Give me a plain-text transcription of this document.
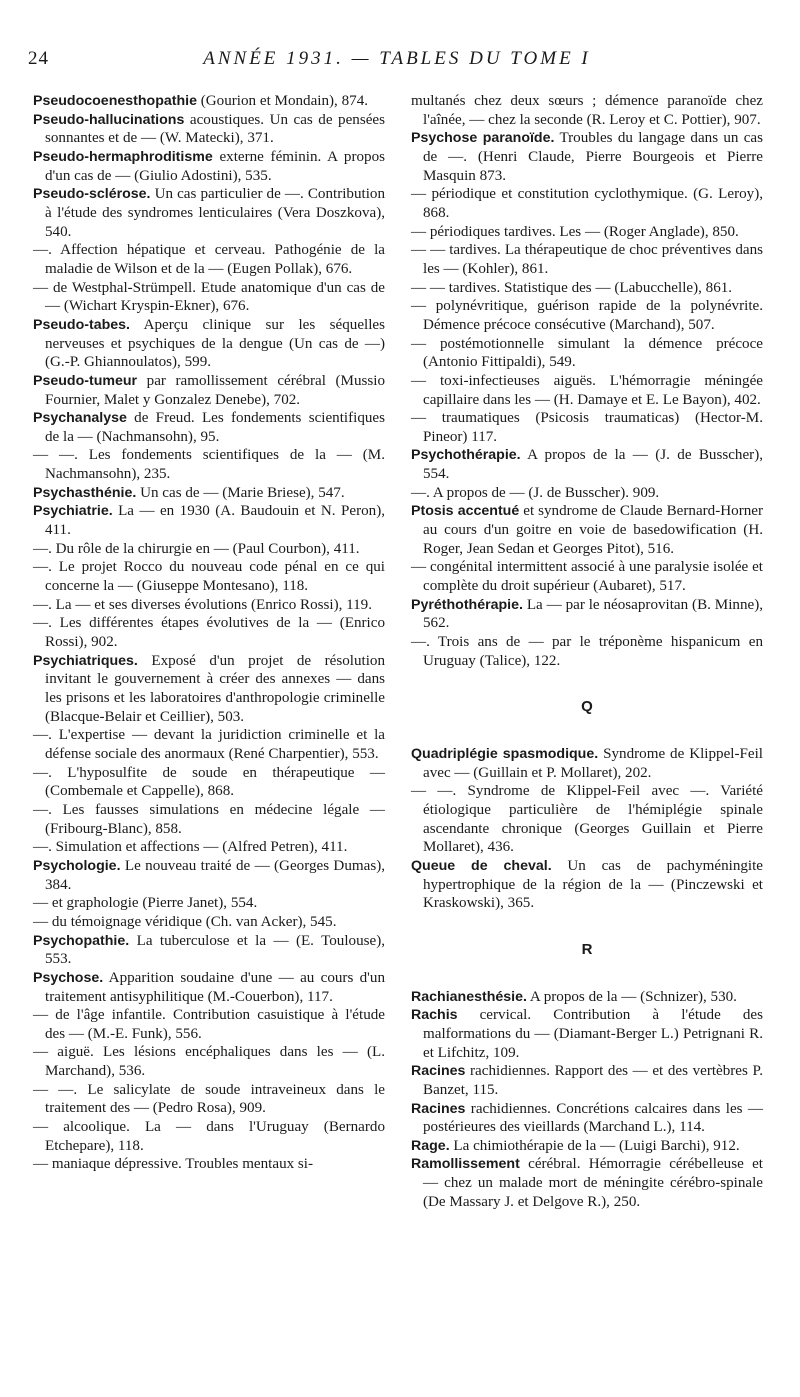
24	ANNÉE 1931. — TABLES DU TOME I
Pseudocoenesthopathie (Gourion et Mondain), 874.
Pseudo-hallucinations acoustiques. Un cas de pensées sonnantes et de — (W. Matecki), 371.
Pseudo-hermaphroditisme externe féminin. A propos d'un cas de — (Giulio Adostini), 535.
Pseudo-sclérose. Un cas particulier de —. Contribution à l'étude des syndromes lenticulaires (Vera Doszkova), 540.
—. Affection hépatique et cerveau. Pathogénie de la maladie de Wilson et de la — (Eugen Pollak), 676.
— de Westphal-Strümpell. Etude anatomique d'un cas de — (Wichart Kryspin-Ekner), 676.
Pseudo-tabes. Aperçu clinique sur les séquelles nerveuses et psychiques de la dengue (Un cas de —) (G.-P. Ghiannoulatos), 599.
Pseudo-tumeur par ramollissement cérébral (Mussio Fournier, Malet y Gonzalez Denebe), 702.
Psychanalyse de Freud. Les fondements scientifiques de la — (Nachmansohn), 95.
— —. Les fondements scientifiques de la — (M. Nachmansohn), 235.
Psychasthénie. Un cas de — (Marie Briese), 547.
Psychiatrie. La — en 1930 (A. Baudouin et N. Peron), 411.
—. Du rôle de la chirurgie en — (Paul Courbon), 411.
—. Le projet Rocco du nouveau code pénal en ce qui concerne la — (Giuseppe Montesano), 118.
—. La — et ses diverses évolutions (Enrico Rossi), 119.
—. Les différentes étapes évolutives de la — (Enrico Rossi), 902.
Psychiatriques. Exposé d'un projet de résolution invitant le gouvernement à créer des annexes — dans les prisons et les laboratoires d'anthropologie criminelle (Blacque-Belair et Ceillier), 503.
—. L'expertise — devant la juridiction criminelle et la défense sociale des anormaux (René Charpentier), 553.
—. L'hyposulfite de soude en thérapeutique — (Combemale et Cappelle), 868.
—. Les fausses simulations en médecine légale — (Fribourg-Blanc), 858.
—. Simulation et affections — (Alfred Petren), 411.
Psychologie. Le nouveau traité de — (Georges Dumas), 384.
— et graphologie (Pierre Janet), 554.
— du témoignage véridique (Ch. van Acker), 545.
Psychopathie. La tuberculose et la — (E. Toulouse), 553.
Psychose. Apparition soudaine d'une — au cours d'un traitement antisyphilitique (M.-Couerbon), 117.
— de l'âge infantile. Contribution casuistique à l'étude des — (M.-E. Funk), 556.
— aiguë. Les lésions encéphaliques dans les — (L. Marchand), 536.
— —. Le salicylate de soude intraveineux dans le traitement des — (Pedro Rosa), 909.
— alcoolique. La — dans l'Uruguay (Bernardo Etchepare), 118.
— maniaque dépressive. Troubles mentaux si-
multanés chez deux sœurs ; démence paranoïde chez l'aînée, — chez la seconde (R. Leroy et C. Pottier), 907.
Psychose paranoïde. Troubles du langage dans un cas de —. (Henri Claude, Pierre Bourgeois et Pierre Masquin 873.
— périodique et constitution cyclothymique. (G. Leroy), 868.
— périodiques tardives. Les — (Roger Anglade), 850.
— — tardives. La thérapeutique de choc préventives dans les — (Kohler), 861.
— — tardives. Statistique des — (Labucchelle), 861.
— polynévritique, guérison rapide de la polynévrite. Démence précoce consécutive (Marchand), 507.
— postémotionnelle simulant la démence précoce (Antonio Fittipaldi), 549.
— toxi-infectieuses aiguës. L'hémorragie méningée capillaire dans les — (H. Damaye et E. Le Bayon), 402.
— traumatiques (Psicosis traumaticas) (Hector-M. Pineor) 117.
Psychothérapie. A propos de la — (J. de Busscher), 554.
—. A propos de — (J. de Busscher). 909.
Ptosis accentué et syndrome de Claude Bernard-Horner au cours d'un goitre en voie de basedowification (H. Roger, Jean Sedan et Georges Pitot), 516.
— congénital intermittent associé à une paralysie isolée et complète du droit supérieur (Aubaret), 517.
Pyréthothérapie. La — par le néosaprovitan (B. Minne), 562.
—. Trois ans de — par le tréponème hispanicum en Uruguay (Talice), 122.
Q
Quadriplégie spasmodique. Syndrome de Klippel-Feil avec — (Guillain et P. Mollaret), 202.
— —. Syndrome de Klippel-Feil avec —. Variété étiologique particulière de l'hémiplégie spinale ascendante chronique (Georges Guillain et Pierre Mollaret), 436.
Queue de cheval. Un cas de pachyméningite hypertrophique de la région de la — (Pinczewski et Kraskowski), 365.
R
Rachianesthésie. A propos de la — (Schnizer), 530.
Rachis cervical. Contribution à l'étude des malformations du — (Diamant-Berger L.) Petrignani R. et Lifchitz, 109.
Racines rachidiennes. Rapport des — et des vertèbres P. Banzet, 115.
Racines rachidiennes. Concrétions calcaires dans les — postérieures des vieillards (Marchand L.), 114.
Rage. La chimiothérapie de la — (Luigi Barchi), 912.
Ramollissement cérébral. Hémorragie cérébelleuse et — chez un malade mort de méningite cérébro-spinale (De Massary J. et Delgove R.), 250.
